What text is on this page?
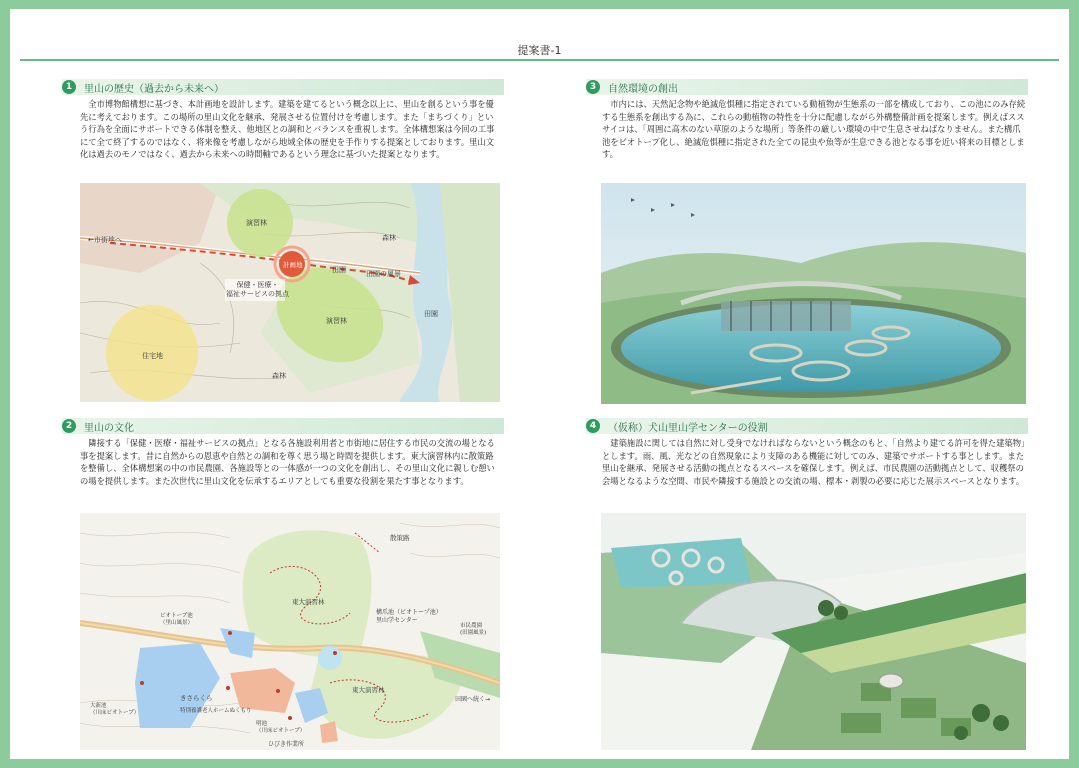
提案書-1
1	里山の歴史（過去から未来へ）
全市博物館構想に基づき、本計画地を設計します。建築を建てるという概念以上に、里山を創るという事を優先に考えております。この場所の里山文化を継承、発展させる位置付けを考慮します。また「まちづくり」という行為を全面にサポートできる体制を整え、他地区との調和とバランスを重視します。全体構想案は今回の工事にて全て終了するのではなく、将来像を考慮しながら地域全体の歴史を手作りする提案としております。里山文化は過去のモノではなく、過去から未来への時間軸であるという理念に基づいた提案となります。
演習林
←市街地へ	森林
計画地
田園	田園の風景
保健・医療・
福祉サービスの拠点
演習林
住宅地
田園
森林
2	里山の文化
隣接する「保健・医療・福祉サービスの拠点」となる各施設利用者と市街地に居住する市民の交流の場となる事を提案します。昔に自然からの恩恵や自然との調和を尊く思う場と時間を提供します。東大演習林内に散策路を整備し、全体構想案の中の市民農園、各施設等との一体感が一つの文化を創出し、その里山文化に親しむ憩いの場を提供します。また次世代に里山文化を伝承するエリアとしても重要な役割を果たす事となります。
散策路
東大演習林
構爪池（ビオトープ池）
里山学センター
市民農園
(田園風景)
ビオトープ池
（里山風景）
きさらくら
特別養護老人ホームぬくもり
東大演習林
田園へ続く→
大新池
（川床ビオトープ）
明池
（川床ビオトープ）
ひびき作業所
3	自然環境の創出
市内には、天然記念物や絶滅危惧種に指定されている動植物が生態系の一部を構成しており、この池にのみ存続する生態系を創出する為に、これらの動植物の特性を十分に配慮しながら外構整備計画を提案します。例えばススサイコは、「周囲に高木のない草原のような場所」等条件の厳しい環境の中で生息させねばなりません。また構爪池をビオトープ化し、絶滅危惧種に指定された全ての昆虫や魚等が生息できる池となる事を近い将来の目標とします。
4	（仮称）犬山里山学センターの役割
建築施設に関しては自然に対し受身でなければならないという概念のもと、「自然より建てる許可を得た建築物」とします。雨、風、光などの自然現象により支障のある機能に対してのみ、建築でサポートする事とします。また里山を継承、発展させる活動の拠点となるスペースを確保します。例えば、市民農園の活動拠点として、収穫祭の会場となるような空間、市民や隣接する施設との交流の場、標本・剥製の必要に応じた展示スペースとなります。
